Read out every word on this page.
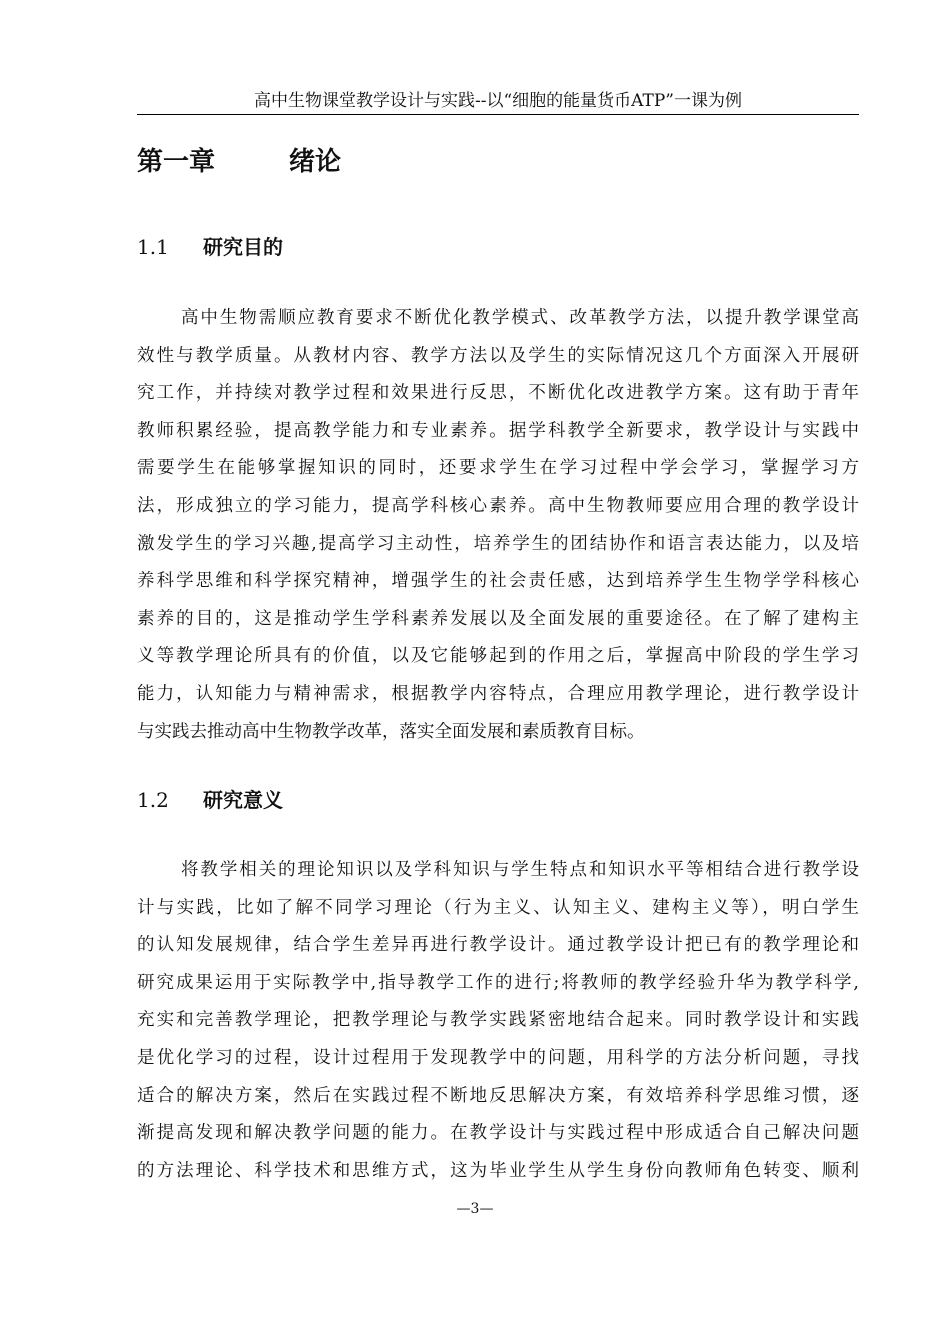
高中生物课堂教学设计与实践--以“细胞的能量货币ATP”一课为例
第一章	绪论
1.1 研究目的
高中生物需顺应教育要求不断优化教学模式、改革教学方法，以提升教学课堂高
效性与教学质量。从教材内容、教学方法以及学生的实际情况这几个方面深入开展研
究工作，并持续对教学过程和效果进行反思，不断优化改进教学方案。这有助于青年
教师积累经验，提高教学能力和专业素养。据学科教学全新要求，教学设计与实践中
需要学生在能够掌握知识的同时，还要求学生在学习过程中学会学习，掌握学习方
法，形成独立的学习能力，提高学科核心素养。高中生物教师要应用合理的教学设计
激发学生的学习兴趣,提高学习主动性，培养学生的团结协作和语言表达能力，以及培
养科学思维和科学探究精神，增强学生的社会责任感，达到培养学生生物学学科核心
素养的目的，这是推动学生学科素养发展以及全面发展的重要途径。在了解了建构主
义等教学理论所具有的价值，以及它能够起到的作用之后，掌握高中阶段的学生学习
能力，认知能力与精神需求，根据教学内容特点，合理应用教学理论，进行教学设计
与实践去推动高中生物教学改革，落实全面发展和素质教育目标。
1.2 研究意义
将教学相关的理论知识以及学科知识与学生特点和知识水平等相结合进行教学设
计与实践，比如了解不同学习理论（行为主义、认知主义、建构主义等），明白学生
的认知发展规律，结合学生差异再进行教学设计。通过教学设计把已有的教学理论和
研究成果运用于实际教学中,指导教学工作的进行;将教师的教学经验升华为教学科学,
充实和完善教学理论，把教学理论与教学实践紧密地结合起来。同时教学设计和实践
是优化学习的过程，设计过程用于发现教学中的问题，用科学的方法分析问题，寻找
适合的解决方案，然后在实践过程不断地反思解决方案，有效培养科学思维习惯，逐
渐提高发现和解决教学问题的能力。在教学设计与实践过程中形成适合自己解决问题
的方法理论、科学技术和思维方式，这为毕业学生从学生身份向教师角色转变、顺利
—3—
